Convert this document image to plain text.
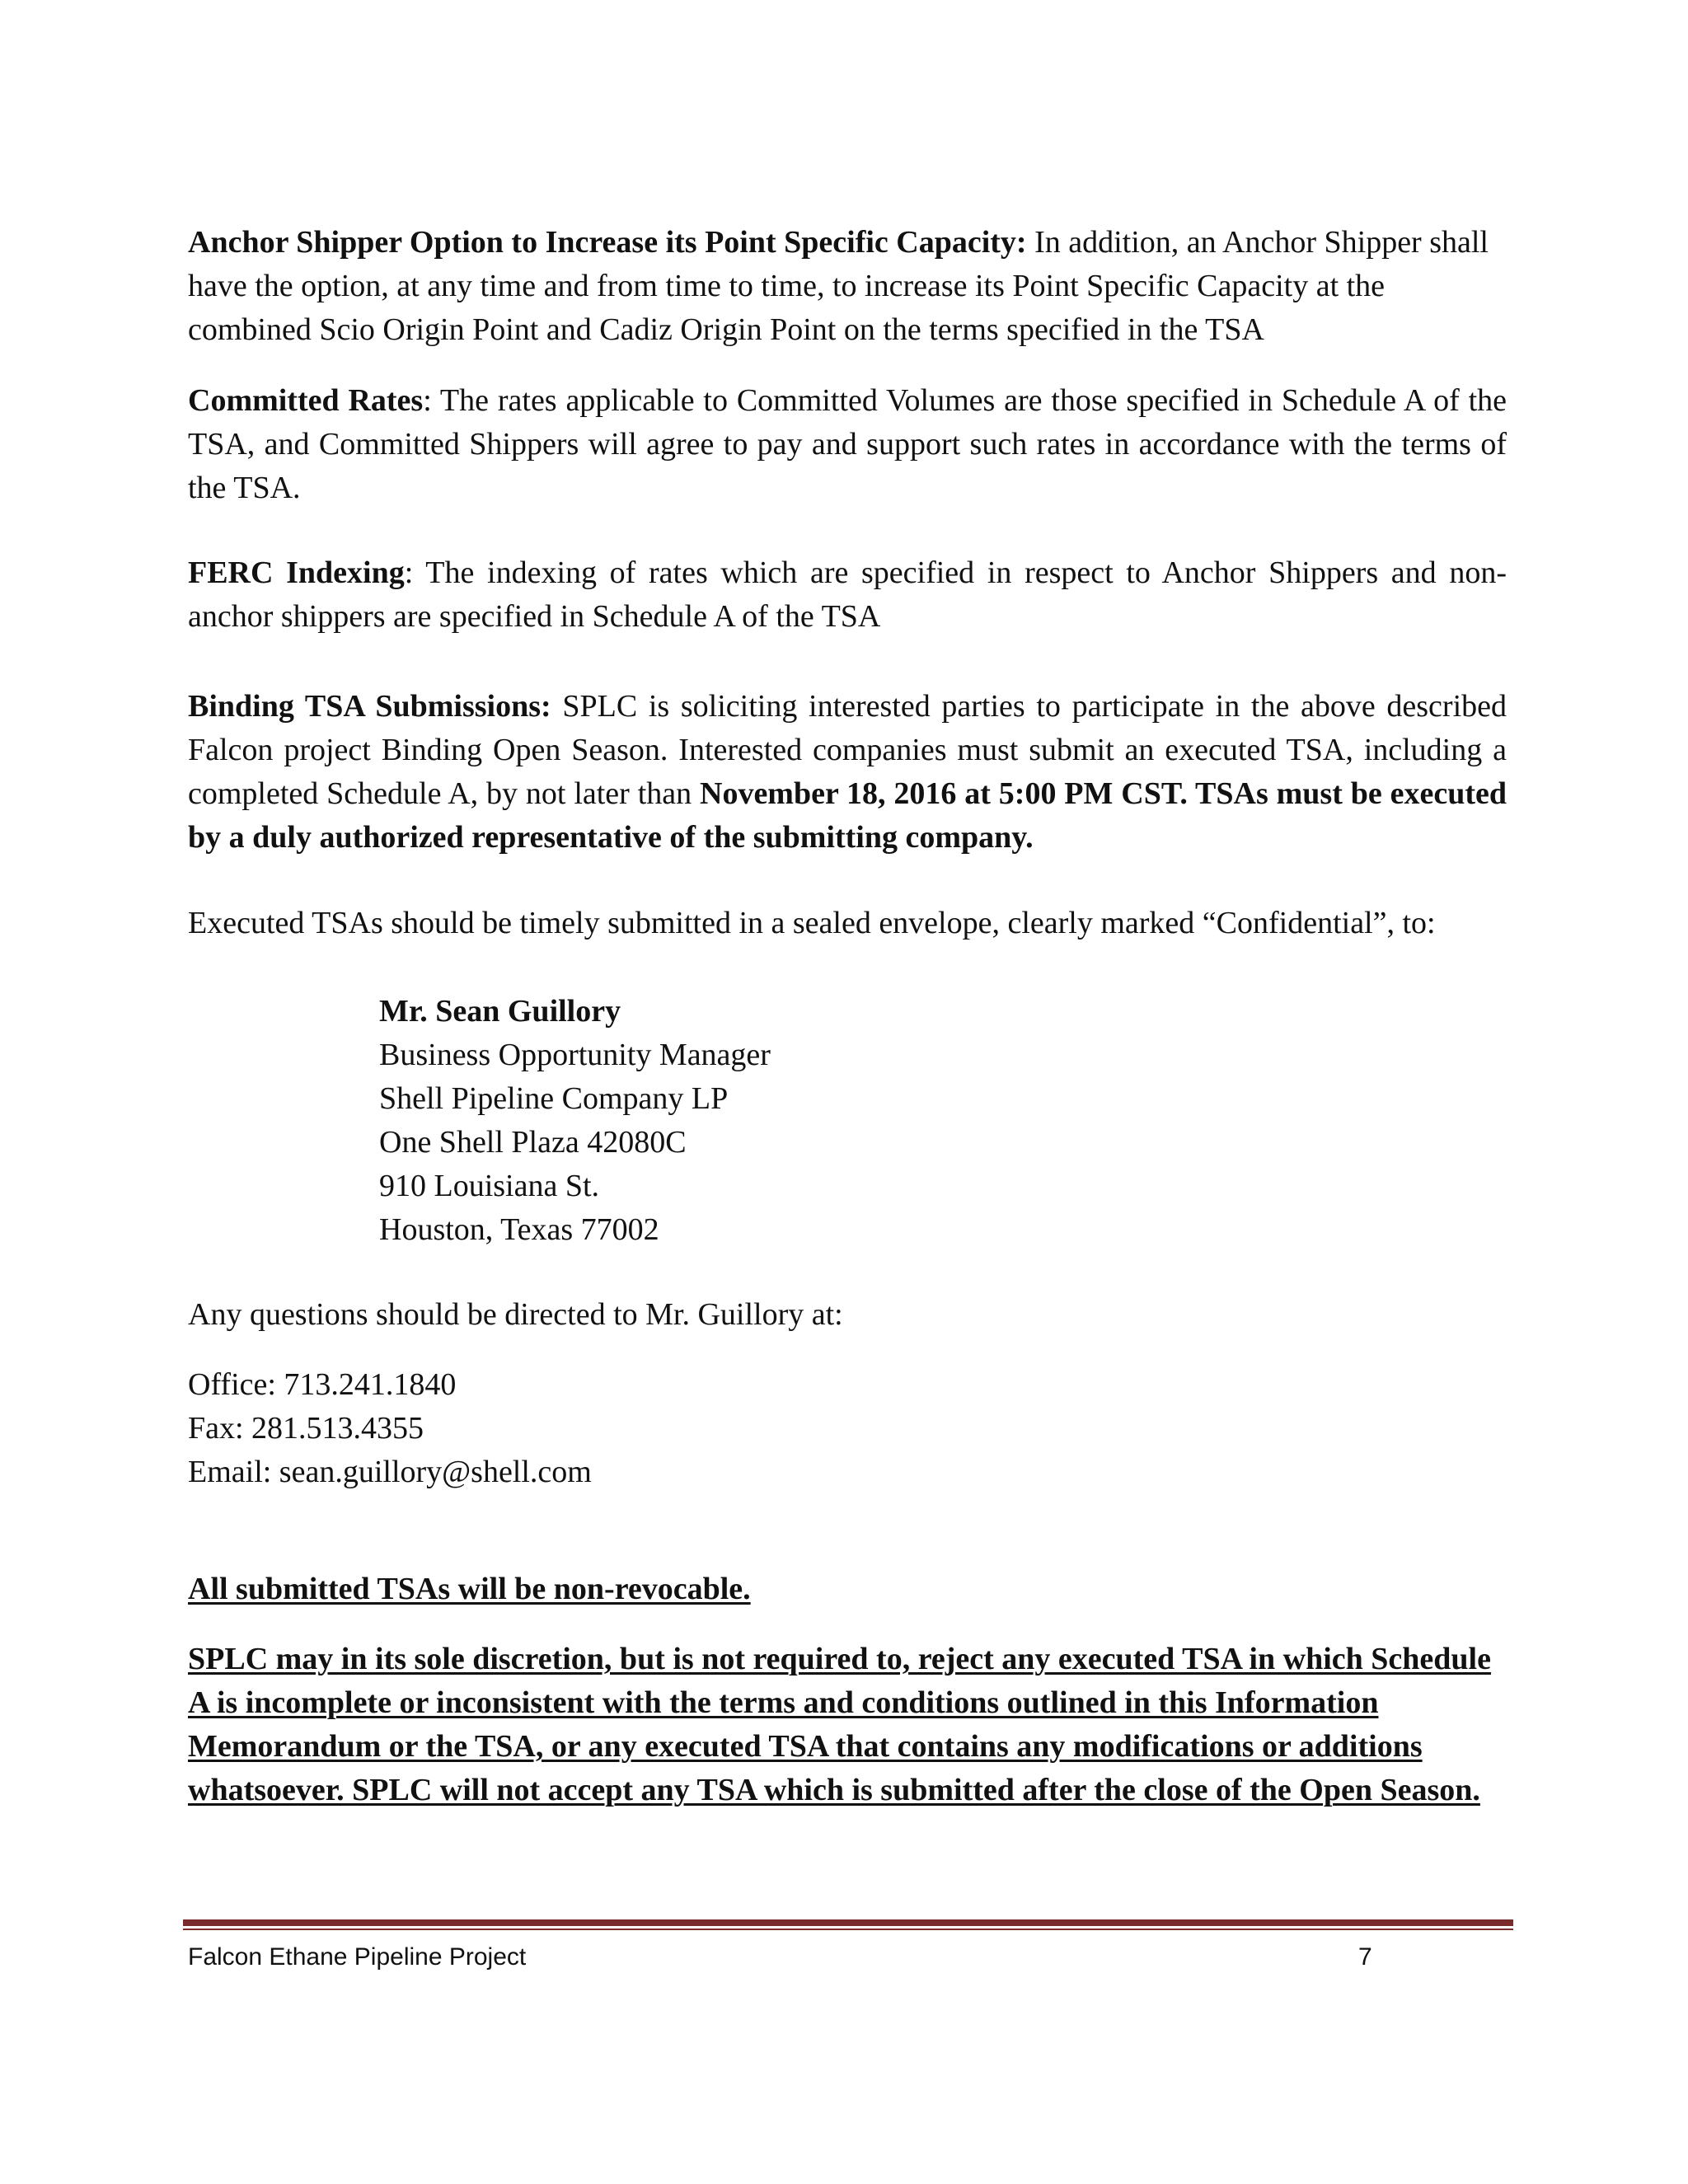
Anchor Shipper Option to Increase its Point Specific Capacity: In addition, an Anchor Shipper shall have the option, at any time and from time to time, to increase its Point Specific Capacity at the combined Scio Origin Point and Cadiz Origin Point on the terms specified in the TSA

Committed Rates: The rates applicable to Committed Volumes are those specified in Schedule A of the TSA, and Committed Shippers will agree to pay and support such rates in accordance with the terms of the TSA.

FERC Indexing: The indexing of rates which are specified in respect to Anchor Shippers and non-anchor shippers are specified in Schedule A of the TSA

Binding TSA Submissions: SPLC is soliciting interested parties to participate in the above described Falcon project Binding Open Season. Interested companies must submit an executed TSA, including a completed Schedule A, by not later than November 18, 2016 at 5:00 PM CST. TSAs must be executed by a duly authorized representative of the submitting company.

Executed TSAs should be timely submitted in a sealed envelope, clearly marked “Confidential”, to:

Mr. Sean Guillory
Business Opportunity Manager
Shell Pipeline Company LP
One Shell Plaza 42080C
910 Louisiana St.
Houston, Texas 77002

Any questions should be directed to Mr. Guillory at:

Office: 713.241.1840
Fax: 281.513.4355
Email: sean.guillory@shell.com

All submitted TSAs will be non-revocable.

SPLC may in its sole discretion, but is not required to, reject any executed TSA in which Schedule A is incomplete or inconsistent with the terms and conditions outlined in this Information Memorandum or the TSA, or any executed TSA that contains any modifications or additions whatsoever. SPLC will not accept any TSA which is submitted after the close of the Open Season.

Falcon Ethane Pipeline Project	7
